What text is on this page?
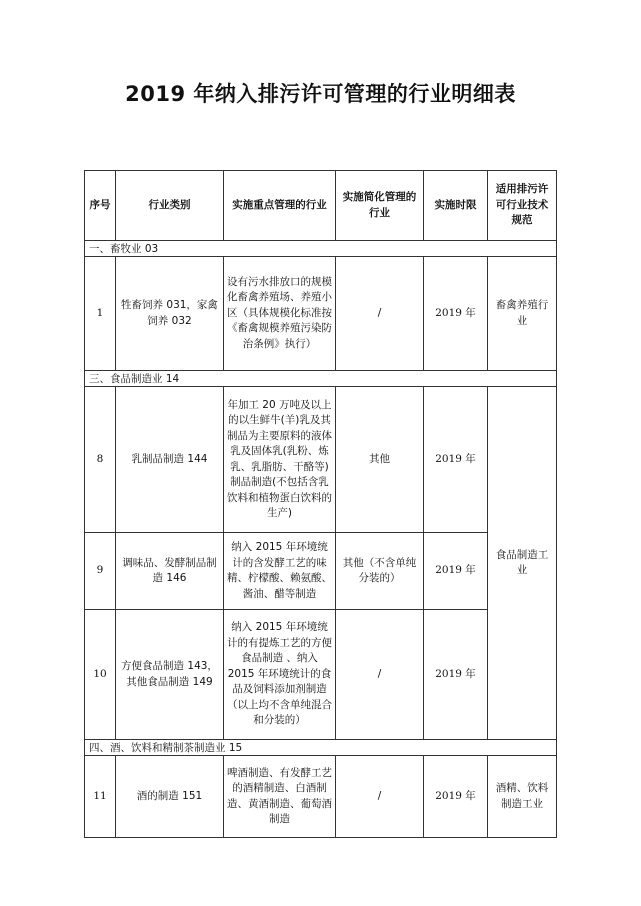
2019 年纳入排污许可管理的行业明细表
序号	行业类别	实施重点管理的行业	实施简化管理的行业	实施时限	适用排污许可行业技术规范
一、畜牧业 03					
1	牲畜饲养 031，家禽饲养 032	设有污水排放口的规模化畜禽养殖场、养殖小区（具体规模化标准按《畜禽规模养殖污染防治条例》执行）	/	2019 年	畜禽养殖行业
三、食品制造业 14					
8	乳制品制造 144	年加工 20 万吨及以上的以生鲜牛(羊)乳及其制品为主要原料的液体乳及固体乳(乳粉、炼乳、乳脂肪、干酪等)制品制造(不包括含乳饮料和植物蛋白饮料的生产)	其他	2019 年	食品制造工业
9	调味品、发酵制品制造 146	纳入 2015 年环境统计的含发酵工艺的味精、柠檬酸、赖氨酸、酱油、醋等制造	其他（不含单纯分装的）	2019 年	
10	方便食品制造 143，其他食品制造 149	纳入 2015 年环境统计的有提炼工艺的方便食品制造 、纳入 2015 年环境统计的食品及饲料添加剂制造（以上均不含单纯混合和分装的）	/	2019 年	
四、酒、饮料和精制茶制造业 15					
11	酒的制造 151	啤酒制造、有发酵工艺的酒精制造、白酒制造、黄酒制造、葡萄酒制造	/	2019 年	酒精、饮料制造工业
